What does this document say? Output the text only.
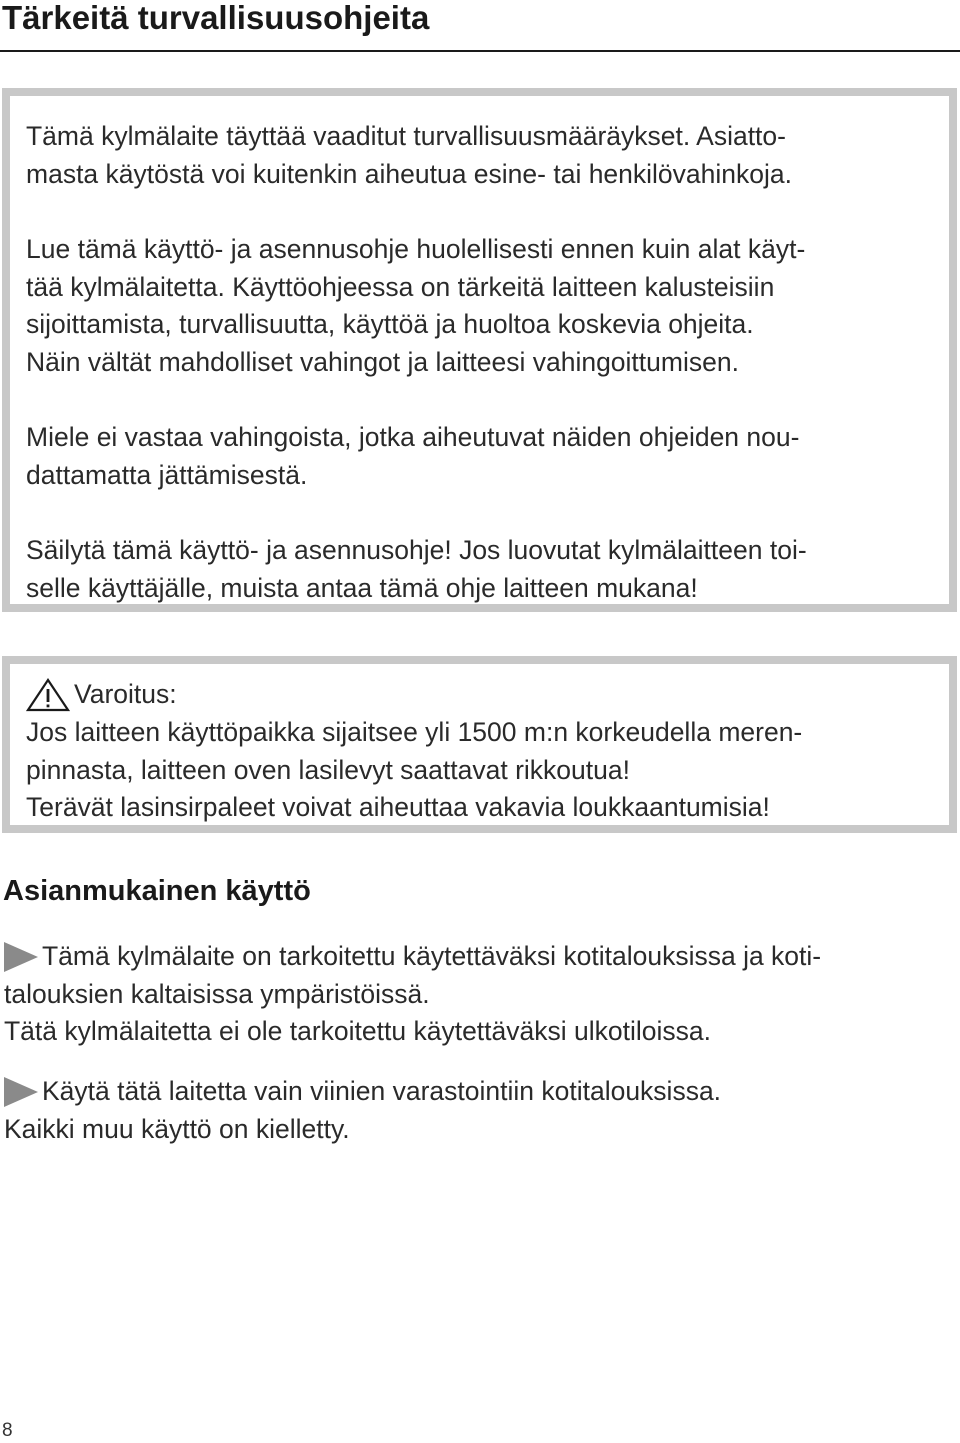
Tärkeitä turvallisuusohjeita

Tämä kylmälaite täyttää vaaditut turvallisuusmääräykset. Asiatto-
masta käytöstä voi kuitenkin aiheutua esine- tai henkilövahinkoja.

Lue tämä käyttö- ja asennusohje huolellisesti ennen kuin alat käyt-
tää kylmälaitetta. Käyttöohjeessa on tärkeitä laitteen kalusteisiin
sijoittamista, turvallisuutta, käyttöä ja huoltoa koskevia ohjeita.
Näin vältät mahdolliset vahingot ja laitteesi vahingoittumisen.

Miele ei vastaa vahingoista, jotka aiheutuvat näiden ohjeiden nou-
dattamatta jättämisestä.

Säilytä tämä käyttö- ja asennusohje! Jos luovutat kylmälaitteen toi-
selle käyttäjälle, muista antaa tämä ohje laitteen mukana!

Varoitus:

Jos laitteen käyttöpaikka sijaitsee yli 1500 m:n korkeudella meren-
pinnasta, laitteen oven lasilevyt saattavat rikkoutua!
Terävät lasinsirpaleet voivat aiheuttaa vakavia loukkaantumisia!

Asianmukainen käyttö
Tämä kylmälaite on tarkoitettu käytettäväksi kotitalouksissa ja koti-

talouksien kaltaisissa ympäristöissä.
Tätä kylmälaitetta ei ole tarkoitettu käytettäväksi ulkotiloissa.

Käytä tätä laitetta vain viinien varastointiin kotitalouksissa.

Kaikki muu käyttö on kielletty.

8
